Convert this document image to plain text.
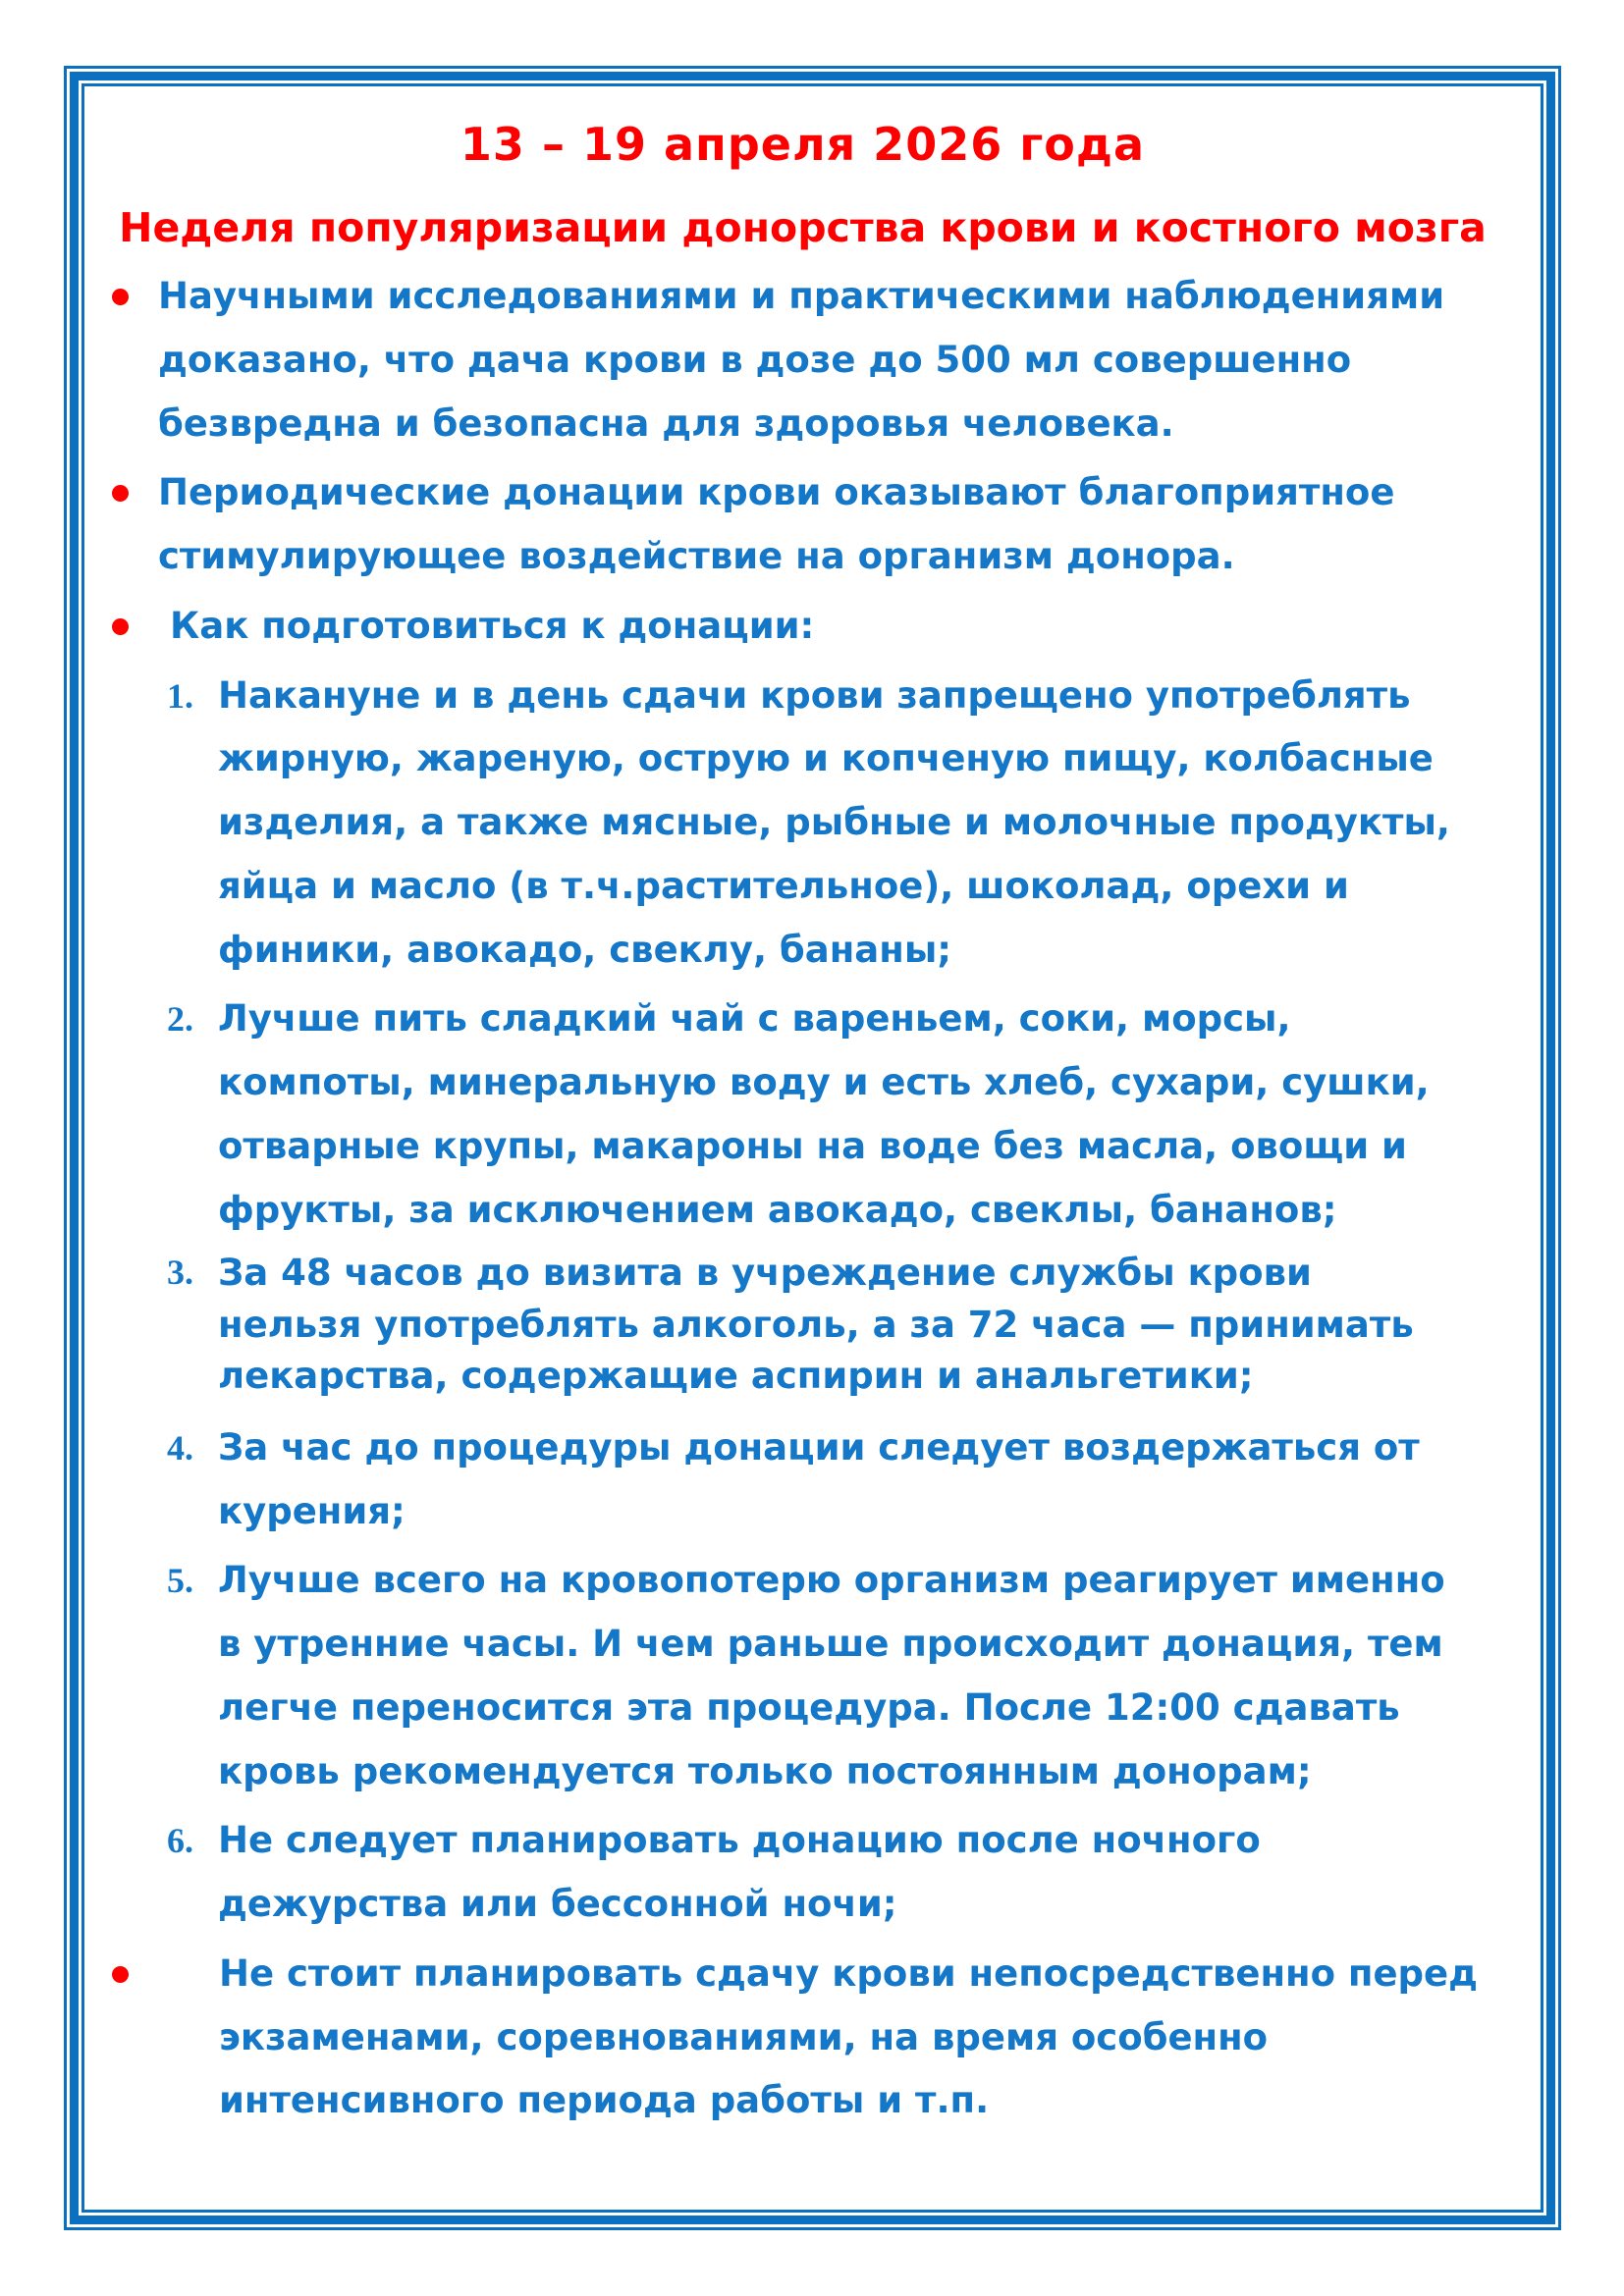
13 – 19 апреля 2026 года
Неделя популяризации донорства крови и костного мозга

Научными исследованиями и практическими наблюдениями доказано, что дача крови в дозе до 500 мл совершенно безвредна и безопасна для здоровья человека.

Периодические донации крови оказывают благоприятное стимулирующее воздействие на организм донора.

Как подготовиться к донации:

1. Накануне и в день сдачи крови запрещено употреблять жирную, жареную, острую и копченую пищу, колбасные изделия, а также мясные, рыбные и молочные продукты, яйца и масло (в т.ч.растительное), шоколад, орехи и финики, авокадо, свеклу, бананы;

2. Лучше пить сладкий чай с вареньем, соки, морсы, компоты, минеральную воду и есть хлеб, сухари, сушки, отварные крупы, макароны на воде без масла, овощи и фрукты, за исключением авокадо, свеклы, бананов;

3. За 48 часов до визита в учреждение службы крови нельзя употреблять алкоголь, а за 72 часа — принимать лекарства, содержащие аспирин и анальгетики;

4. За час до процедуры донации следует воздержаться от курения;

5. Лучше всего на кровопотерю организм реагирует именно в утренние часы. И чем раньше происходит донация, тем легче переносится эта процедура. После 12:00 сдавать кровь рекомендуется только постоянным донорам;

6. Не следует планировать донацию после ночного дежурства или бессонной ночи;

Не стоит планировать сдачу крови непосредственно перед экзаменами, соревнованиями, на время особенно интенсивного периода работы и т.п.
